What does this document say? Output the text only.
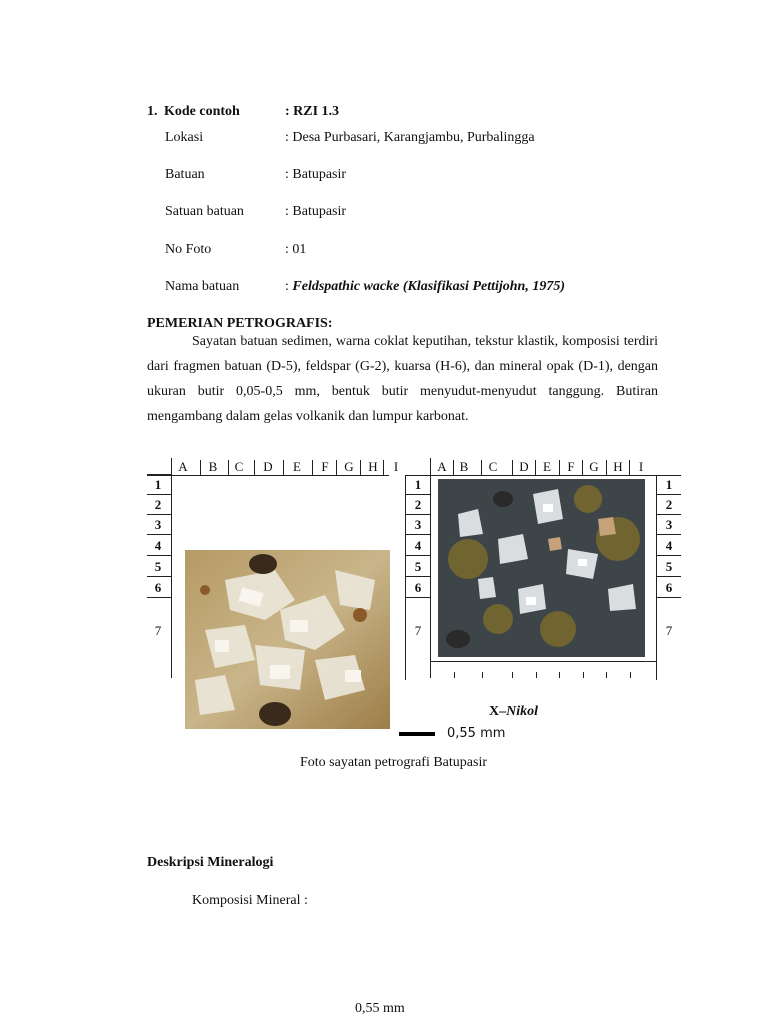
1. Kode contoh	: RZI 1.3
Lokasi	: Desa Purbasari, Karangjambu, Purbalingga
Batuan	: Batupasir
Satuan batuan	: Batupasir
No Foto	: 01
Nama batuan	: Feldspathic wacke (Klasifikasi Pettijohn, 1975)
PEMERIAN PETROGRAFIS:

Sayatan batuan sedimen, warna coklat keputihan, tekstur klastik, komposisi terdiri dari fragmen batuan (D-5), feldspar (G-2), kuarsa (H-6), dan mineral opak (D-1), dengan ukuran butir 0,05-0,5 mm, bentuk butir menyudut-menyudut tanggung. Butiran mengambang dalam gelas volkanik dan lumpur karbonat.

A B C D E F G H I	A B C D E F G H I
1
2
3
4
5
6
7
1
2
3
4
5
6
7
1
2
3
4
5
6
7
X–Nikol
0,55 mm
Foto sayatan petrografi Batupasir
Deskripsi Mineralogi
Komposisi Mineral :
0,55 mm
